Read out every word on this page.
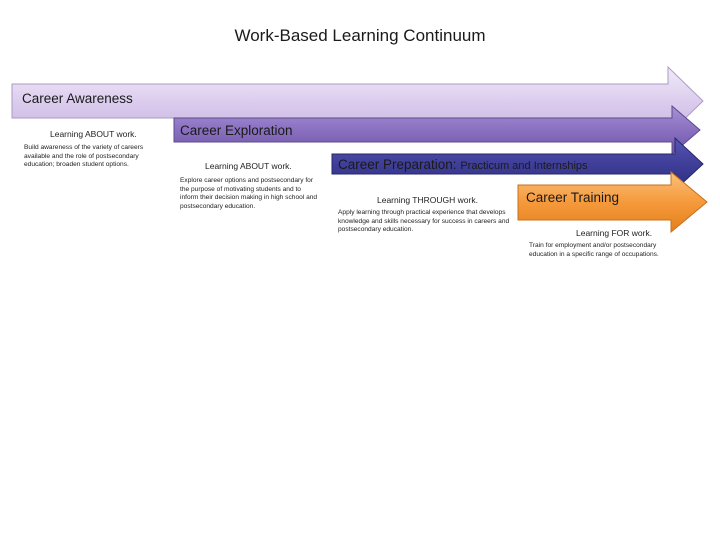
Work-Based Learning Continuum
Career Awareness
Learning ABOUT work.
Build awareness of the variety of careers available and the role of postsecondary education; broaden student options.
Career Exploration
Learning ABOUT work.
Explore career options and postsecondary for the purpose of motivating students and to inform their decision making in high school and postsecondary education.
Career Preparation: Practicum and Internships
Learning THROUGH work.
Apply learning through practical experience that develops knowledge and skills necessary for success in careers and postsecondary education.
Career Training
Learning FOR work.
Train for employment and/or postsecondary education in a specific range of occupations.
